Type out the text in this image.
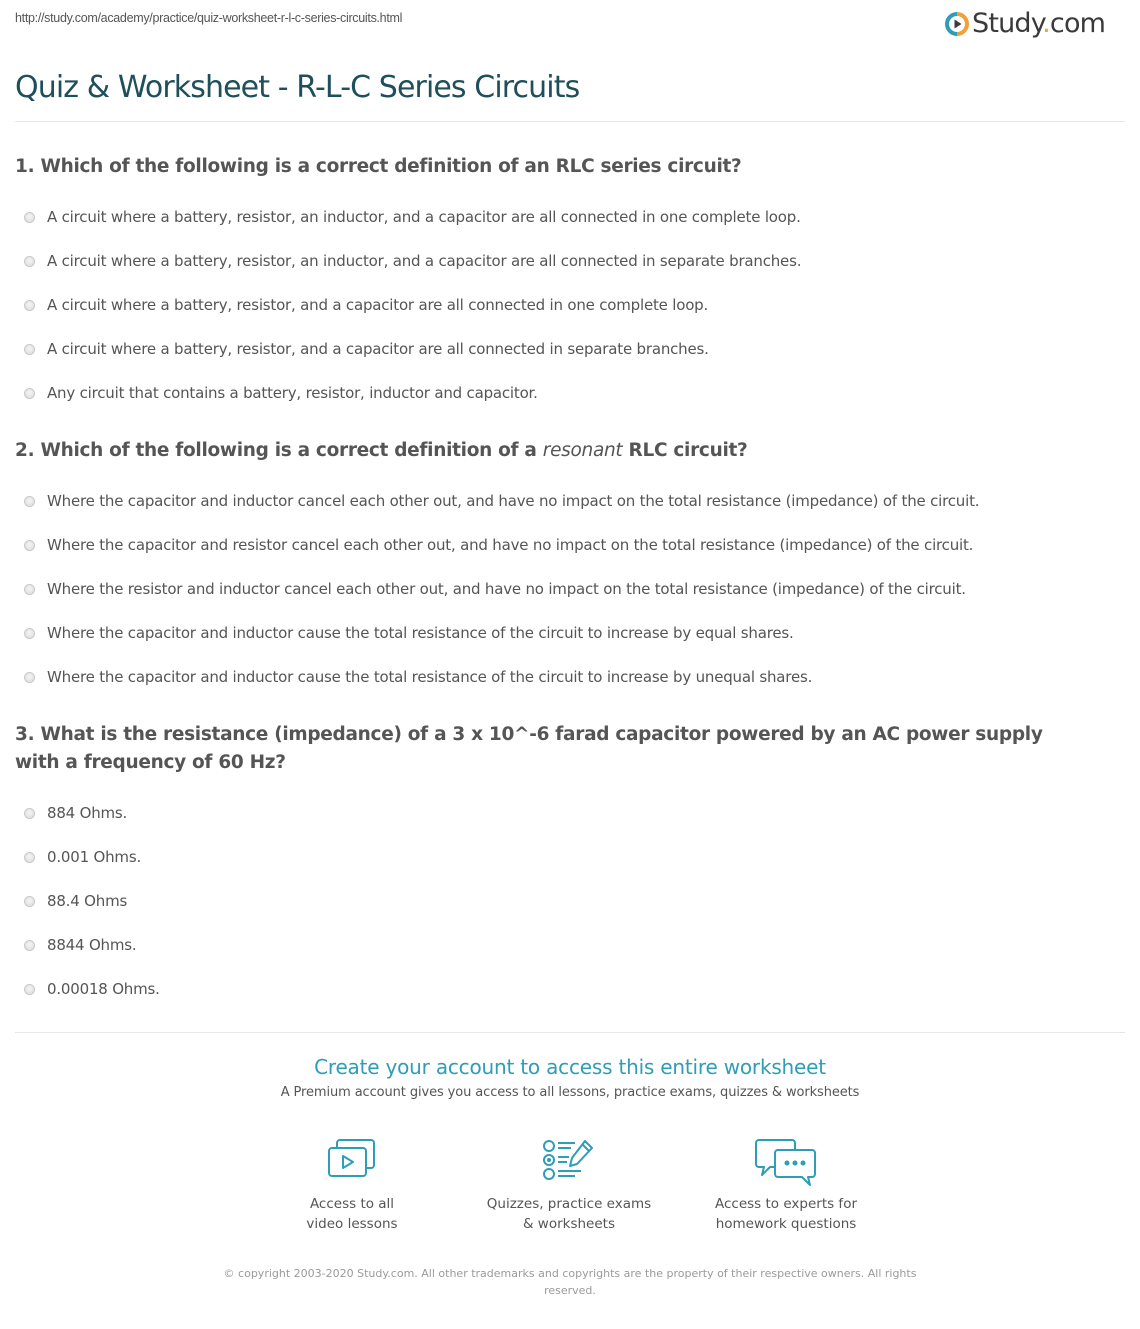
http://study.com/academy/practice/quiz-worksheet-r-l-c-series-circuits.html	Study.com
Quiz & Worksheet - R-L-C Series Circuits
1. Which of the following is a correct definition of an RLC series circuit?
A circuit where a battery, resistor, an inductor, and a capacitor are all connected in one complete loop.
A circuit where a battery, resistor, an inductor, and a capacitor are all connected in separate branches.
A circuit where a battery, resistor, and a capacitor are all connected in one complete loop.
A circuit where a battery, resistor, and a capacitor are all connected in separate branches.
Any circuit that contains a battery, resistor, inductor and capacitor.
2. Which of the following is a correct definition of a resonant RLC circuit?
Where the capacitor and inductor cancel each other out, and have no impact on the total resistance (impedance) of the circuit.
Where the capacitor and resistor cancel each other out, and have no impact on the total resistance (impedance) of the circuit.
Where the resistor and inductor cancel each other out, and have no impact on the total resistance (impedance) of the circuit.
Where the capacitor and inductor cause the total resistance of the circuit to increase by equal shares.
Where the capacitor and inductor cause the total resistance of the circuit to increase by unequal shares.
3. What is the resistance (impedance) of a 3 x 10^-6 farad capacitor powered by an AC power supply with a frequency of 60 Hz?
884 Ohms.
0.001 Ohms.
88.4 Ohms
8844 Ohms.
0.00018 Ohms.
Create your account to access this entire worksheet
A Premium account gives you access to all lessons, practice exams, quizzes & worksheets
Access to all
video lessons
Quizzes, practice exams
& worksheets
Access to experts for
homework questions
© copyright 2003-2020 Study.com. All other trademarks and copyrights are the property of their respective owners. All rights reserved.
